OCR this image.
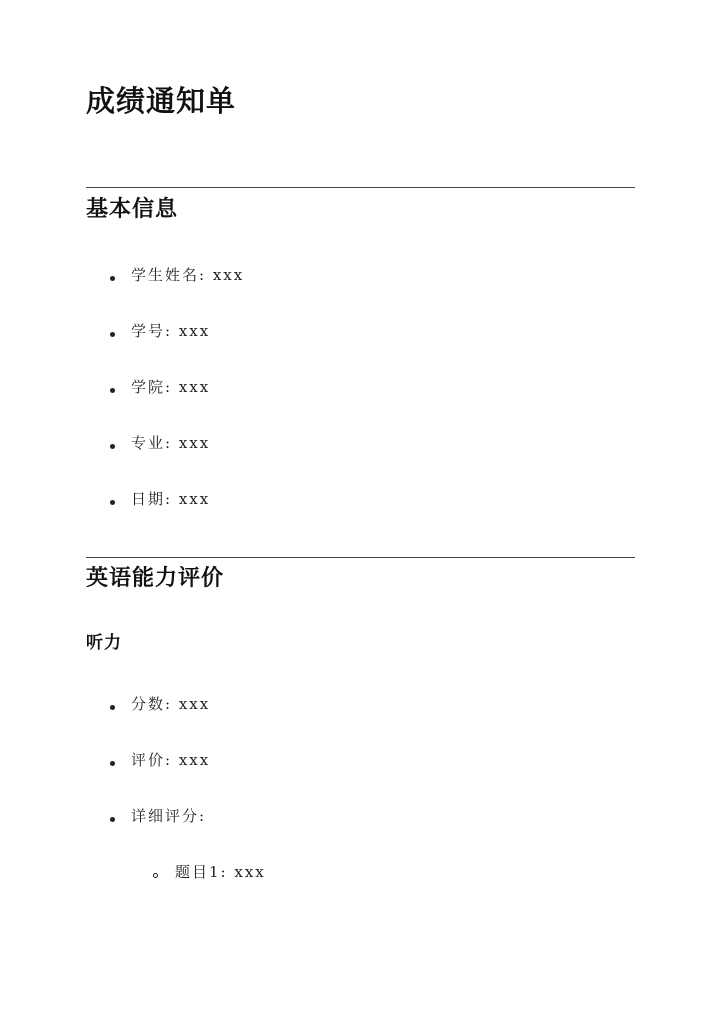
成绩通知单
基本信息
学生姓名: xxx
学号: xxx
学院: xxx
专业: xxx
日期: xxx
英语能力评价
听力
分数: xxx
评价: xxx
详细评分:
题目1: xxx
